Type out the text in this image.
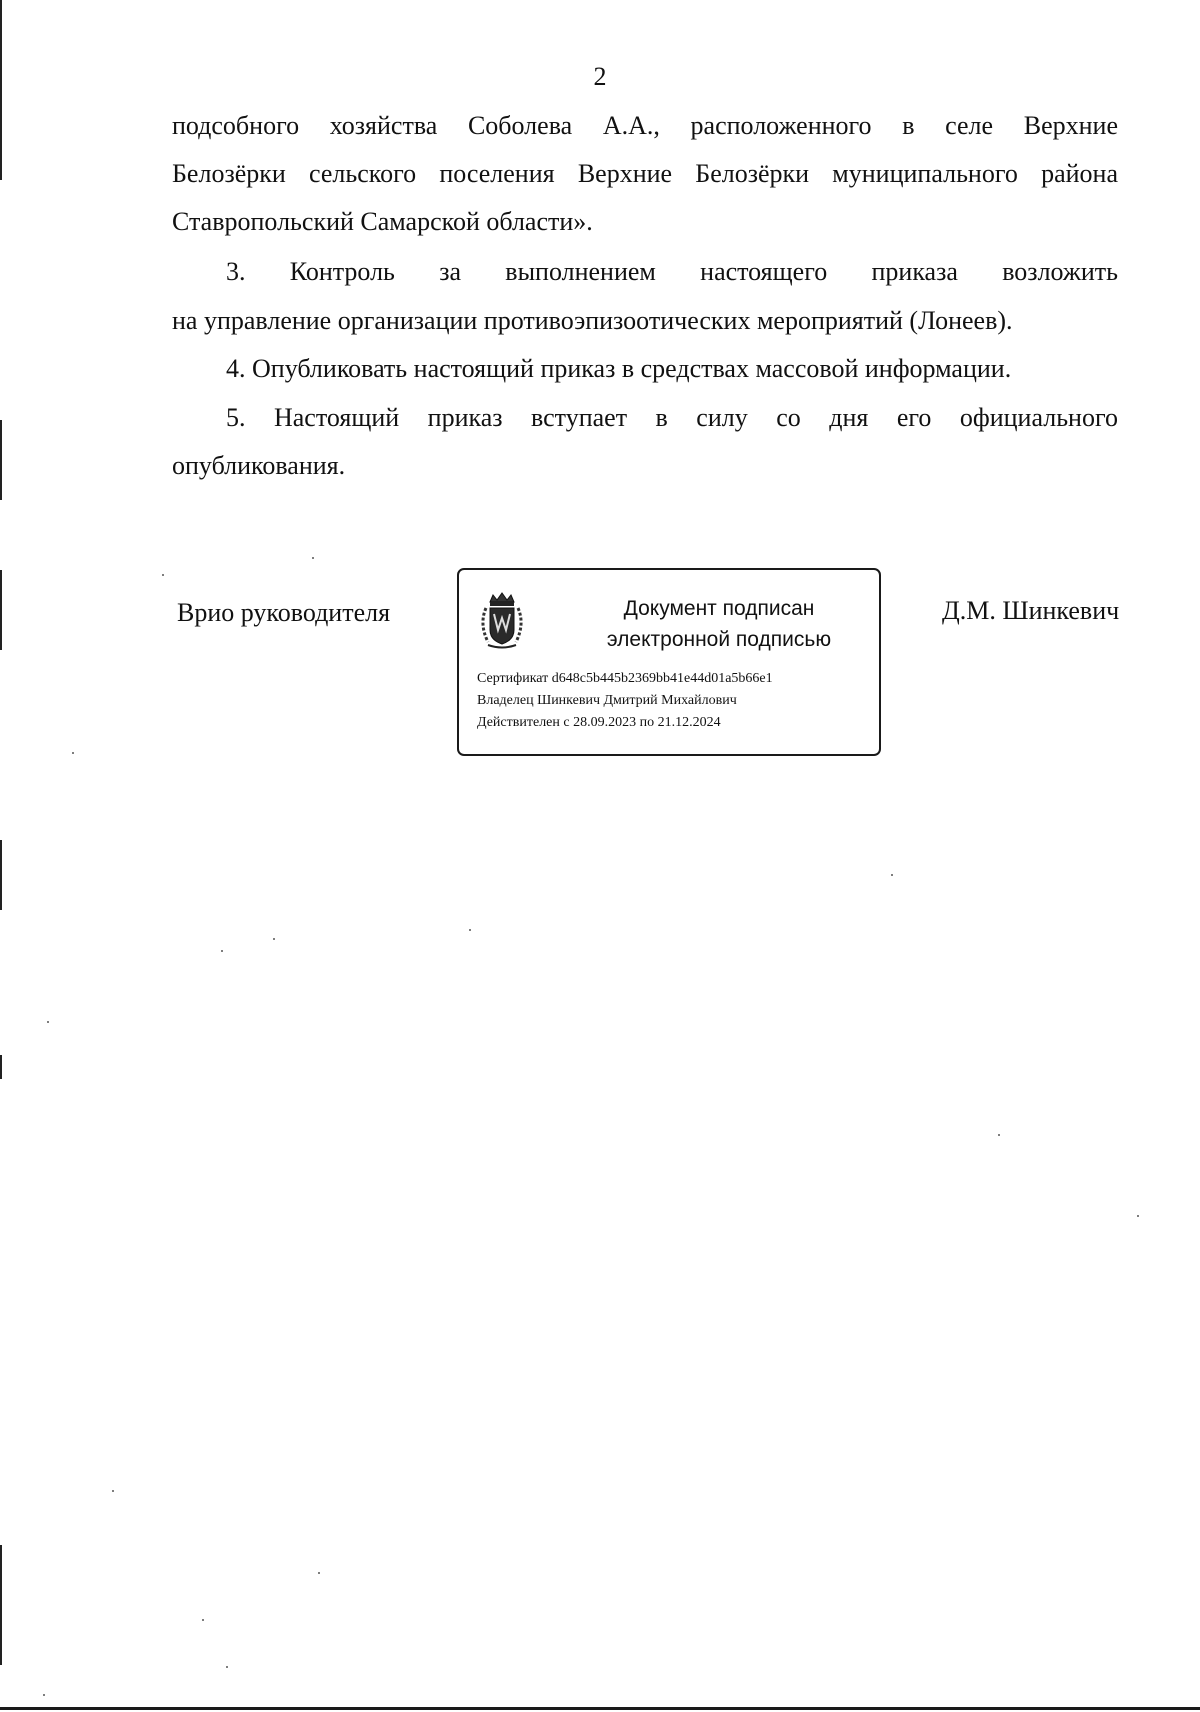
2
подсобного хозяйства Соболева А.А., расположенного в селе Верхние
Белозёрки сельского поселения Верхние Белозёрки муниципального района
Ставропольский Самарской области».
3. Контроль за выполнением настоящего приказа возложить
на управление организации противоэпизоотических мероприятий (Лонеев).
4. Опубликовать настоящий приказ в средствах массовой информации.
5. Настоящий приказ вступает в силу со дня его официального
опубликования.
Врио руководителя	Документ подписан
электронной подписью
Сертификат d648c5b445b2369bb41e44d01a5b66e1
Владелец Шинкевич Дмитрий Михайлович
Действителен с 28.09.2023 по 21.12.2024
Д.М. Шинкевич
